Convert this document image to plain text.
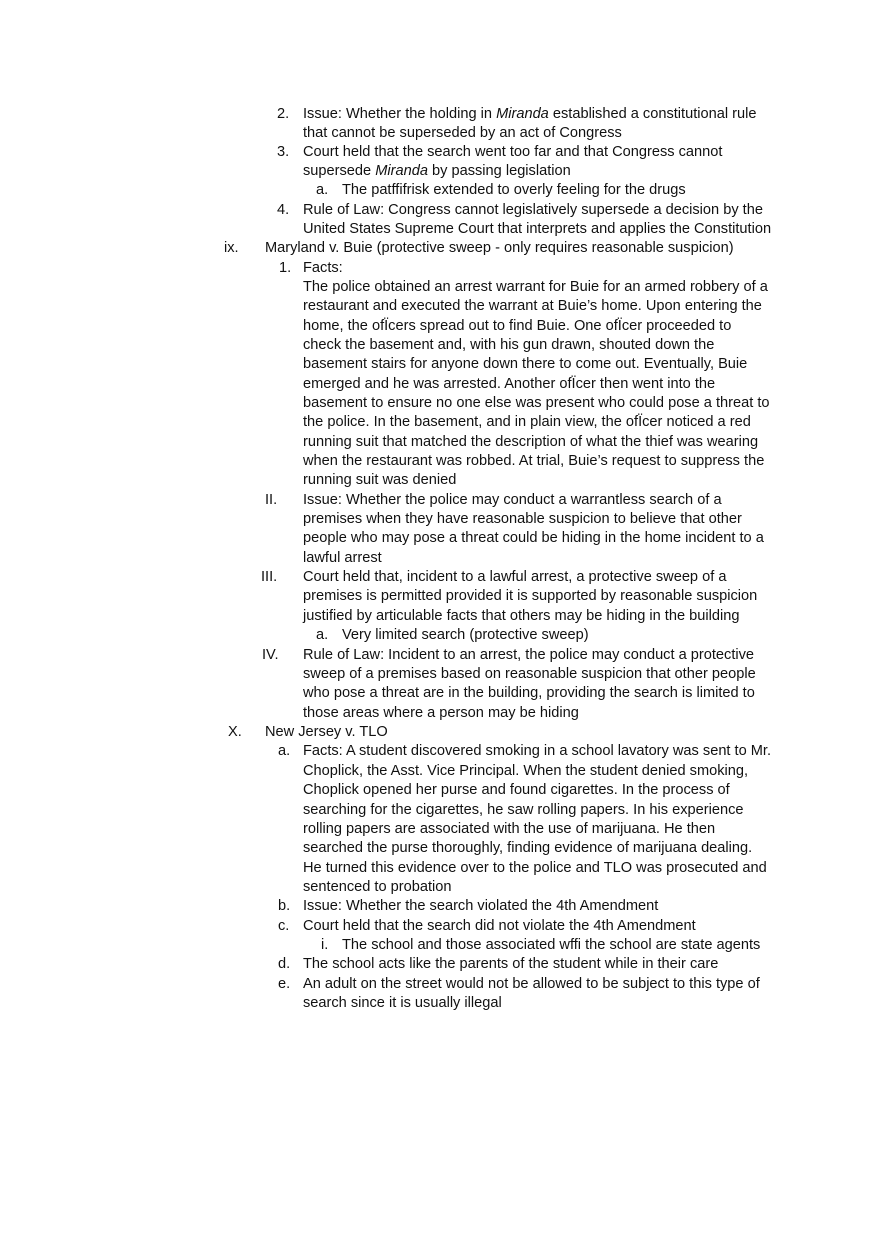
2. Issue: Whether the holding in Miranda established a constitutional rule
that cannot be superseded by an act of Congress
3. Court held that the search went too far and that Congress cannot
supersede Miranda by passing legislation
a. The patffifrisk extended to overly feeling for the drugs
4. Rule of Law: Congress cannot legislatively supersede a decision by the
United States Supreme Court that interprets and applies the Constitution
ix. Maryland v. Buie (protective sweep - only requires reasonable suspicion)
1. Facts:
The police obtained an arrest warrant for Buie for an armed robbery of a
restaurant and executed the warrant at Buie’s home. Upon entering the
home, the ofÏcers spread out to find Buie. One ofÏcer proceeded to
check the basement and, with his gun drawn, shouted down the
basement stairs for anyone down there to come out. Eventually, Buie
emerged and he was arrested. Another ofÏcer then went into the
basement to ensure no one else was present who could pose a threat to
the police. In the basement, and in plain view, the ofÏcer noticed a red
running suit that matched the description of what the thief was wearing
when the restaurant was robbed. At trial, Buie’s request to suppress the
running suit was denied
II. Issue: Whether the police may conduct a warrantless search of a
premises when they have reasonable suspicion to believe that other
people who may pose a threat could be hiding in the home incident to a
lawful arrest
III. Court held that, incident to a lawful arrest, a protective sweep of a
premises is permitted provided it is supported by reasonable suspicion
justified by articulable facts that others may be hiding in the building
a. Very limited search (protective sweep)
IV. Rule of Law: Incident to an arrest, the police may conduct a protective
sweep of a premises based on reasonable suspicion that other people
who pose a threat are in the building, providing the search is limited to
those areas where a person may be hiding
X. New Jersey v. TLO
a. Facts: A student discovered smoking in a school lavatory was sent to Mr.
Choplick, the Asst. Vice Principal. When the student denied smoking,
Choplick opened her purse and found cigarettes. In the process of
searching for the cigarettes, he saw rolling papers. In his experience
rolling papers are associated with the use of marijuana. He then
searched the purse thoroughly, finding evidence of marijuana dealing.
He turned this evidence over to the police and TLO was prosecuted and
sentenced to probation
b. Issue: Whether the search violated the 4th Amendment
c. Court held that the search did not violate the 4th Amendment
i. The school and those associated wffi the school are state agents
d. The school acts like the parents of the student while in their care
e. An adult on the street would not be allowed to be subject to this type of
search since it is usually illegal
